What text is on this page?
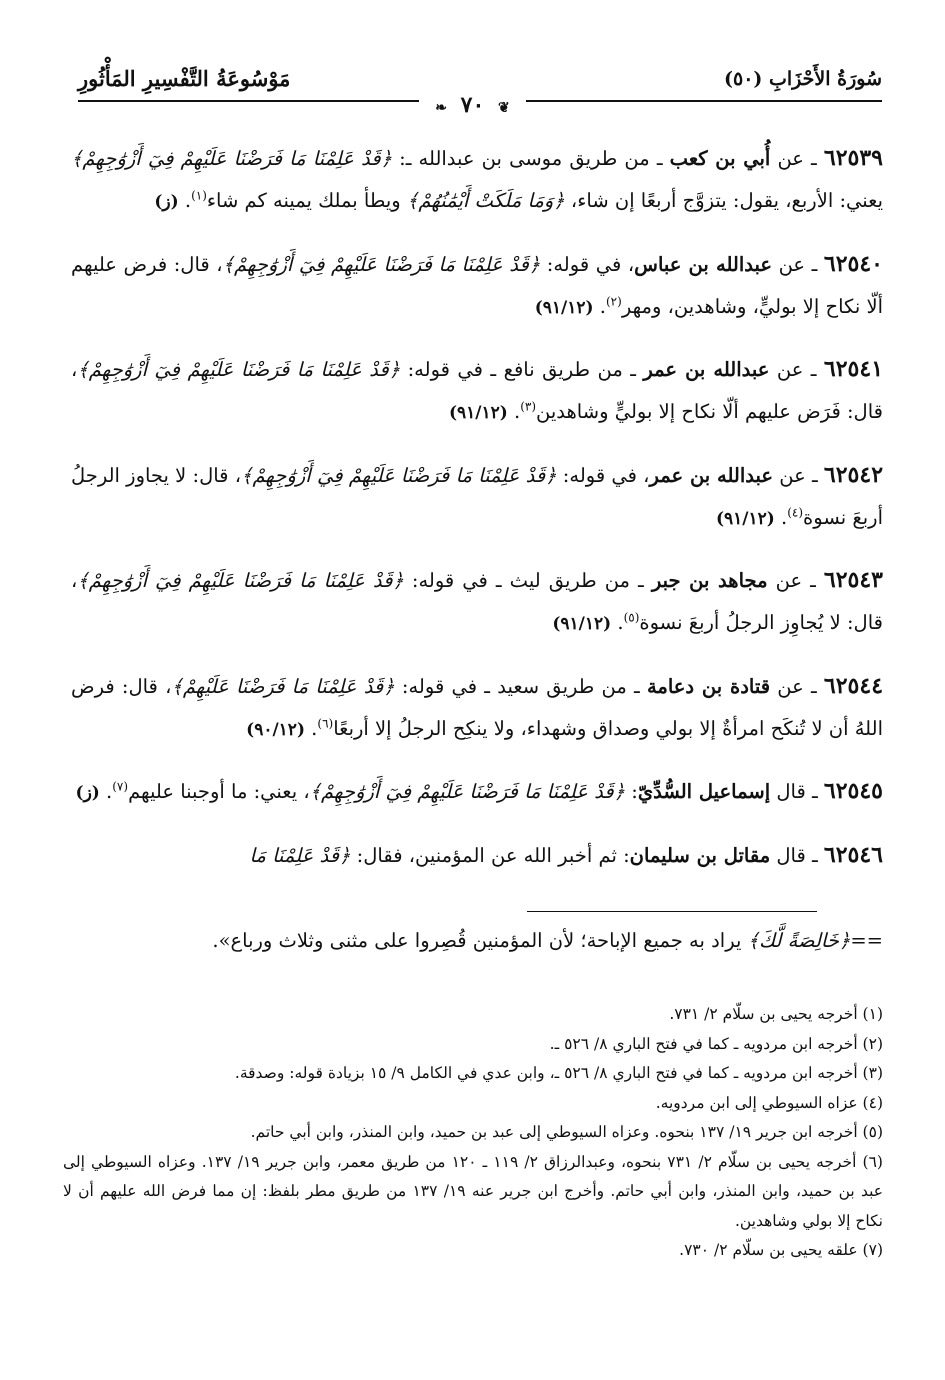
سُورَةُ الأَحْزَابِ (٥٠)
مَوْسُوعَةُ التَّفْسِيرِ المَأْثُورِ
❦ ٧٠ ❧

٦٢٥٣٩ ـ عن أُبي بن كعب ـ من طريق موسى بن عبدالله ـ: ﴿قَدْ عَلِمْنَا مَا فَرَضْنَا عَلَيْهِمْ فِيٓ أَزْوَٰجِهِمْ﴾ يعني: الأربع، يقول: يتزوَّج أربعًا إن شاء، ﴿وَمَا مَلَكَتْ أَيْمَٰنُهُمْ﴾ ويطأ بملك يمينه كم شاء$^{(١)}$. (ز)

٦٢٥٤٠ ـ عن عبدالله بن عباس، في قوله: ﴿قَدْ عَلِمْنَا مَا فَرَضْنَا عَلَيْهِمْ فِيٓ أَزْوَٰجِهِمْ﴾، قال: فرض عليهم ألّا نكاح إلا بوليٍّ، وشاهدين، ومهر$^{(٢)}$. (٩١/١٢)

٦٢٥٤١ ـ عن عبدالله بن عمر ـ من طريق نافع ـ في قوله: ﴿قَدْ عَلِمْنَا مَا فَرَضْنَا عَلَيْهِمْ فِيٓ أَزْوَٰجِهِمْ﴾، قال: فَرَض عليهم ألّا نكاح إلا بوليٍّ وشاهدين$^{(٣)}$. (٩١/١٢)

٦٢٥٤٢ ـ عن عبدالله بن عمر، في قوله: ﴿قَدْ عَلِمْنَا مَا فَرَضْنَا عَلَيْهِمْ فِيٓ أَزْوَٰجِهِمْ﴾، قال: لا يجاوز الرجلُ أربعَ نسوة$^{(٤)}$. (٩١/١٢)

٦٢٥٤٣ ـ عن مجاهد بن جبر ـ من طريق ليث ـ في قوله: ﴿قَدْ عَلِمْنَا مَا فَرَضْنَا عَلَيْهِمْ فِيٓ أَزْوَٰجِهِمْ﴾، قال: لا يُجاوِز الرجلُ أربعَ نسوة$^{(٥)}$. (٩١/١٢)

٦٢٥٤٤ ـ عن قتادة بن دعامة ـ من طريق سعيد ـ في قوله: ﴿قَدْ عَلِمْنَا مَا فَرَضْنَا عَلَيْهِمْ﴾، قال: فرض اللهُ أن لا تُنكَح امرأةٌ إلا بولي وصداق وشهداء، ولا ينكِح الرجلُ إلا أربعًا$^{(٦)}$. (٩٠/١٢)

٦٢٥٤٥ ـ قال إسماعيل السُّدِّيّ: ﴿قَدْ عَلِمْنَا مَا فَرَضْنَا عَلَيْهِمْ فِيٓ أَزْوَٰجِهِمْ﴾، يعني: ما أوجبنا عليهم$^{(٧)}$. (ز)

٦٢٥٤٦ ـ قال مقاتل بن سليمان: ثم أخبر الله عن المؤمنين، فقال: ﴿قَدْ عَلِمْنَا مَا

==﴿خَالِصَةً لَّكَ﴾ يراد به جميع الإباحة؛ لأن المؤمنين قُصِروا على مثنى وثلاث ورباع».
(١) أخرجه يحيى بن سلّام ٢/ ٧٣١.
(٢) أخرجه ابن مردويه ـ كما في فتح الباري ٨/ ٥٢٦ ـ.
(٣) أخرجه ابن مردويه ـ كما في فتح الباري ٨/ ٥٢٦ ـ، وابن عدي في الكامل ٩/ ١٥ بزيادة قوله: وصدقة.
(٤) عزاه السيوطي إلى ابن مردويه.
(٥) أخرجه ابن جرير ١٩/ ١٣٧ بنحوه. وعزاه السيوطي إلى عبد بن حميد، وابن المنذر، وابن أبي حاتم.
(٦) أخرجه يحيى بن سلّام ٢/ ٧٣١ بنحوه، وعبدالرزاق ٢/ ١١٩ ـ ١٢٠ من طريق معمر، وابن جرير ١٩/ ١٣٧. وعزاه السيوطي إلى عبد بن حميد، وابن المنذر، وابن أبي حاتم. وأخرج ابن جرير عنه ١٩/ ١٣٧ من طريق مطر بلفظ: إن مما فرض الله عليهم أن لا نكاح إلا بولي وشاهدين.
(٧) علقه يحيى بن سلّام ٢/ ٧٣٠.
